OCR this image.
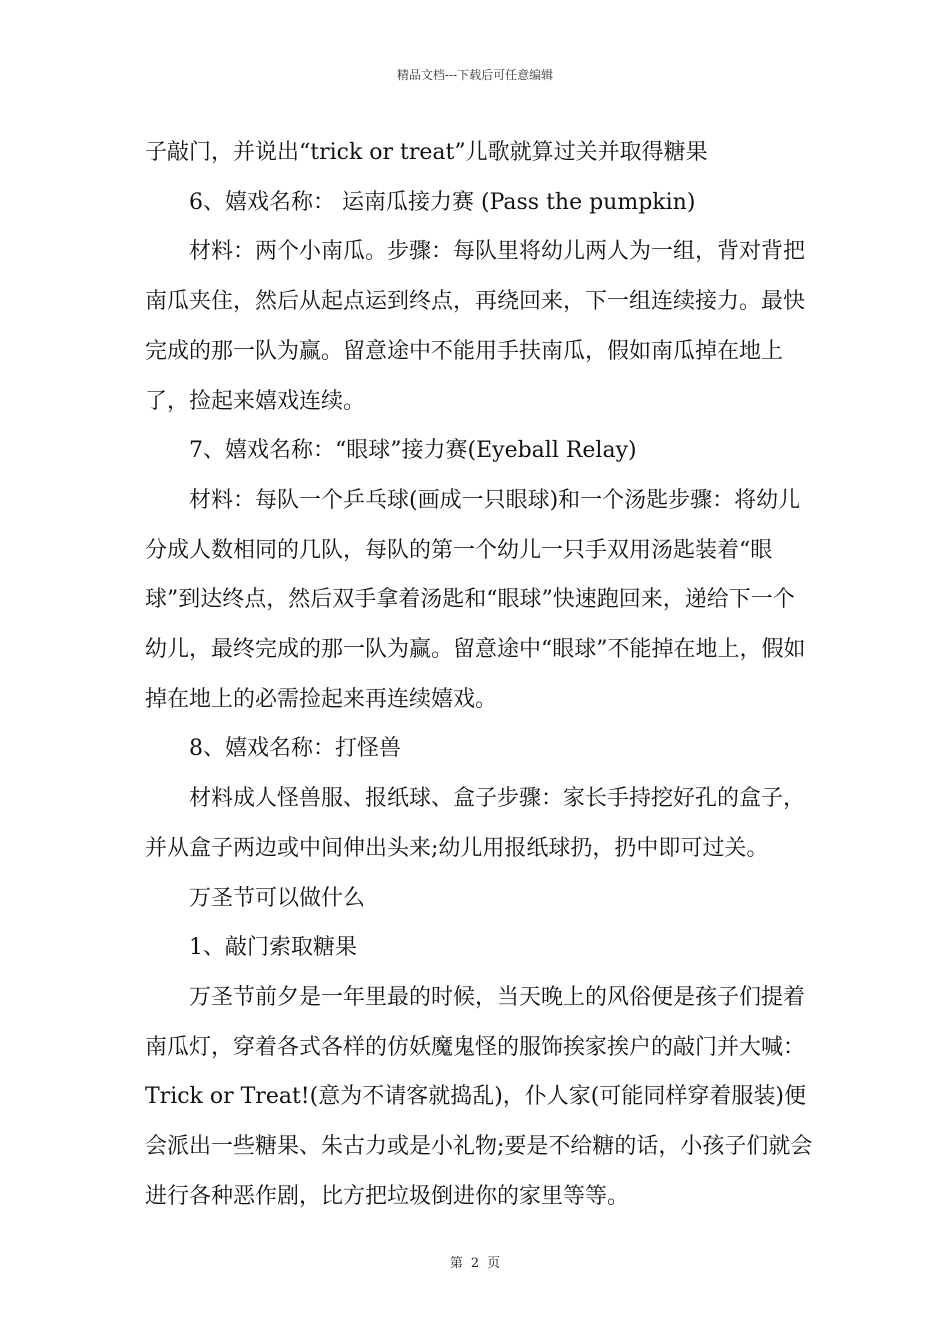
精品文档---下载后可任意编辑

子敲门，并说出“trick or treat”儿歌就算过关并取得糖果

6、嬉戏名称： 运南瓜接力赛 (Pass the pumpkin)

材料：两个小南瓜。步骤：每队里将幼儿两人为一组，背对背把南瓜夹住，然后从起点运到终点，再绕回来，下一组连续接力。最快完成的那一队为赢。留意途中不能用手扶南瓜，假如南瓜掉在地上了，捡起来嬉戏连续。

7、嬉戏名称：“眼球”接力赛(Eyeball Relay)

材料：每队一个乒乓球(画成一只眼球)和一个汤匙步骤：将幼儿分成人数相同的几队，每队的第一个幼儿一只手双用汤匙装着“眼球”到达终点，然后双手拿着汤匙和“眼球”快速跑回来，递给下一个幼儿，最终完成的那一队为赢。留意途中“眼球”不能掉在地上，假如掉在地上的必需捡起来再连续嬉戏。

8、嬉戏名称：打怪兽

材料成人怪兽服、报纸球、盒子步骤：家长手持挖好孔的盒子，并从盒子两边或中间伸出头来;幼儿用报纸球扔，扔中即可过关。

万圣节可以做什么

1、敲门索取糖果

万圣节前夕是一年里最的时候，当天晚上的风俗便是孩子们提着南瓜灯，穿着各式各样的仿妖魔鬼怪的服饰挨家挨户的敲门并大喊：Trick or Treat!(意为不请客就捣乱)，仆人家(可能同样穿着服装)便会派出一些糖果、朱古力或是小礼物;要是不给糖的话，小孩子们就会进行各种恶作剧，比方把垃圾倒进你的家里等等。

第 2 页
